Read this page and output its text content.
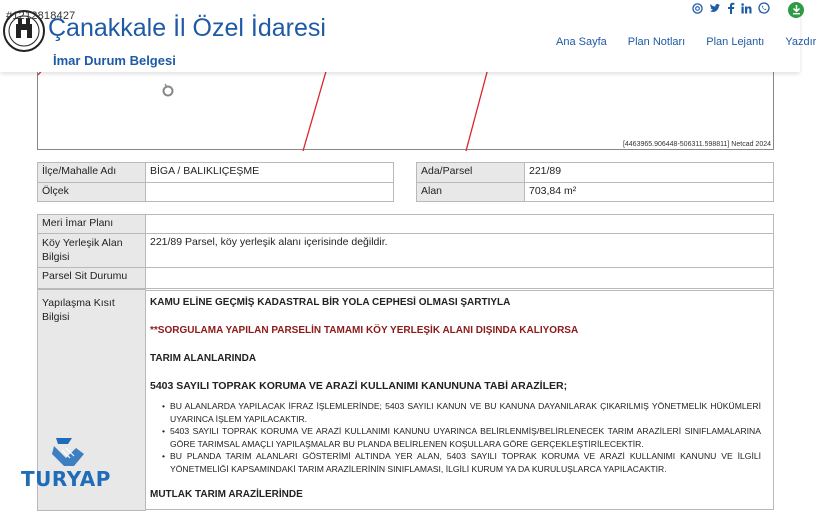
#1212818427
Çanakkale İl Özel İdaresi
İmar Durum Belgesi
Ana Sayfa Plan Notları Plan Lejantı Yazdır
[4463965.906448-506311.598811] Netcad 2024
İlçe/Mahalle Adı	BİGA / BALIKLIÇEŞME
Ölçek	
Ada/Parsel	221/89
Alan	703,84 m²
Meri İmar Planı	
Köy Yerleşik Alan Bilgisi	221/89 Parsel, köy yerleşik alanı içerisinde değildir.
Parsel Sit Durumu	
Yapılaşma Kısıt Bilgisi
KAMU ELİNE GEÇMİŞ KADASTRAL BİR YOLA CEPHESİ OLMASI ŞARTIYLA
**SORGULAMA YAPILAN PARSELİN TAMAMI KÖY YERLEŞİK ALANI DIŞINDA KALIYORSA
TARIM ALANLARINDA
5403 SAYILI TOPRAK KORUMA VE ARAZİ KULLANIMI KANUNUNA TABİ ARAZİLER;
• BU ALANLARDA YAPILACAK İFRAZ İŞLEMLERİNDE; 5403 SAYILI KANUN VE BU KANUNA DAYANILARAK ÇIKARILMIŞ YÖNETMELİK HÜKÜMLERİ UYARINCA İŞLEM YAPILACAKTIR.
• 5403 SAYILI TOPRAK KORUMA VE ARAZİ KULLANIMI KANUNU UYARINCA BELİRLENMİŞ/BELİRLENECEK TARIM ARAZİLERİ SINIFLAMALARINA GÖRE TARIMSAL AMAÇLI YAPILAŞMALAR BU PLANDA BELİRLENEN KOŞULLARA GÖRE GERÇEKLEŞTİRİLECEKTİR.
• BU PLANDA TARIM ALANLARI GÖSTERİMİ ALTINDA YER ALAN, 5403 SAYILI TOPRAK KORUMA VE ARAZİ KULLANIMI KANUNU VE İLGİLİ YÖNETMELİĞİ KAPSAMINDAKİ TARIM ARAZİLERİNİN SINIFLAMASI, İLGİLİ KURUM YA DA KURULUŞLARCA YAPILACAKTIR.
MUTLAK TARIM ARAZİLERİNDE
TURYAP
